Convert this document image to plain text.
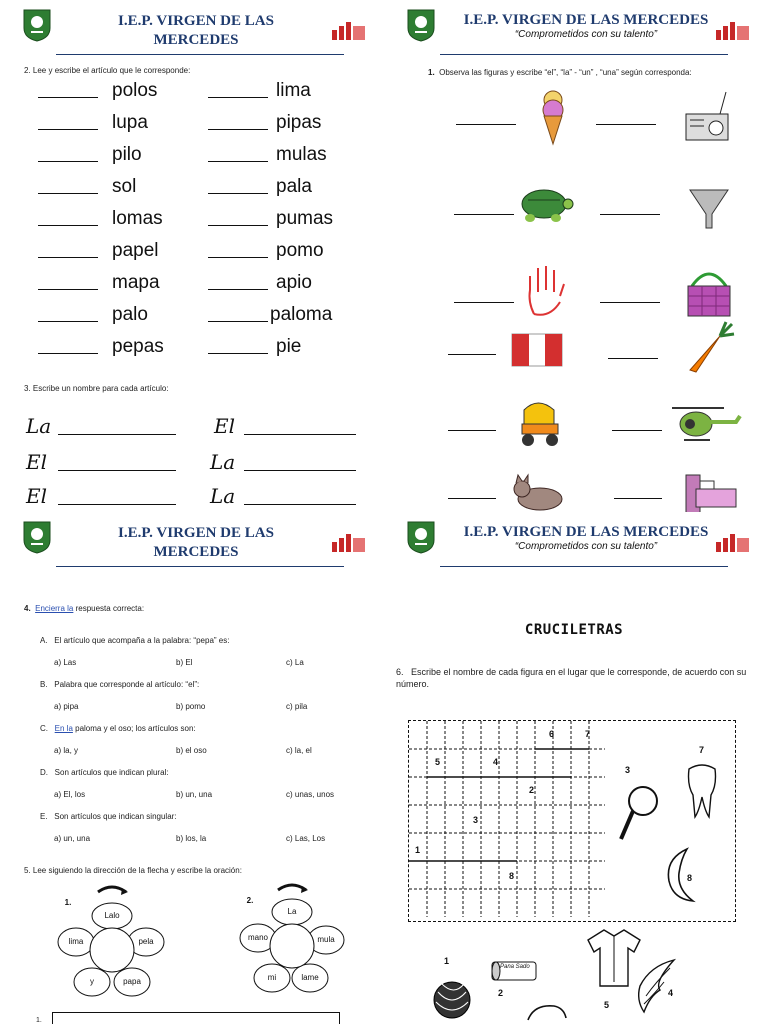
I.E.P. VIRGEN DE LAS
MERCEDES
2. Lee y escribe el artículo que le corresponde:
polos	lima
lupa	pipas
pilo	mulas
sol	pala
lomas	pumas
papel	pomo
mapa	apio
palo	paloma
pepas	pie
3. Escribe un nombre para cada artículo:
La	El
El	La
El	La
I.E.P. VIRGEN DE LAS MERCEDES
“Comprometidos con su talento”
1. Observa las figuras y escribe “el”, “la” - “un” , “una” según corresponda:
I.E.P. VIRGEN DE LAS
MERCEDES
4. Encierra la respuesta correcta:
A. El artículo que acompaña a la palabra: “pepa” es:
a) Las	b) El	c) La
B. Palabra que corresponde al artículo: “el”:
a) pipa	b) pomo	c) pila
C. En la paloma y el oso; los artículos son:
a) la, y	b) el oso	c) la, el
D. Son artículos que indican plural:
a) El, los	b) un, una	c) unas, unos
E. Son artículos que indican singular:
a) un, una	b) los, la	c) Las, Los
5. Lee siguiendo la dirección de la flecha y escribe la oración:
1.
Lalo
pela
papa
y
lima
2.
La
mula
lame
mi
mano
1.
I.E.P. VIRGEN DE LAS MERCEDES
“Comprometidos con su talento”
CRUCILETRAS
6. Escribe el nombre de cada figura en el lugar que le corresponde, de acuerdo con su número.
6	7
5	4
2
3
1
8
3
7
8
1
Pana Sado
2
5
4
